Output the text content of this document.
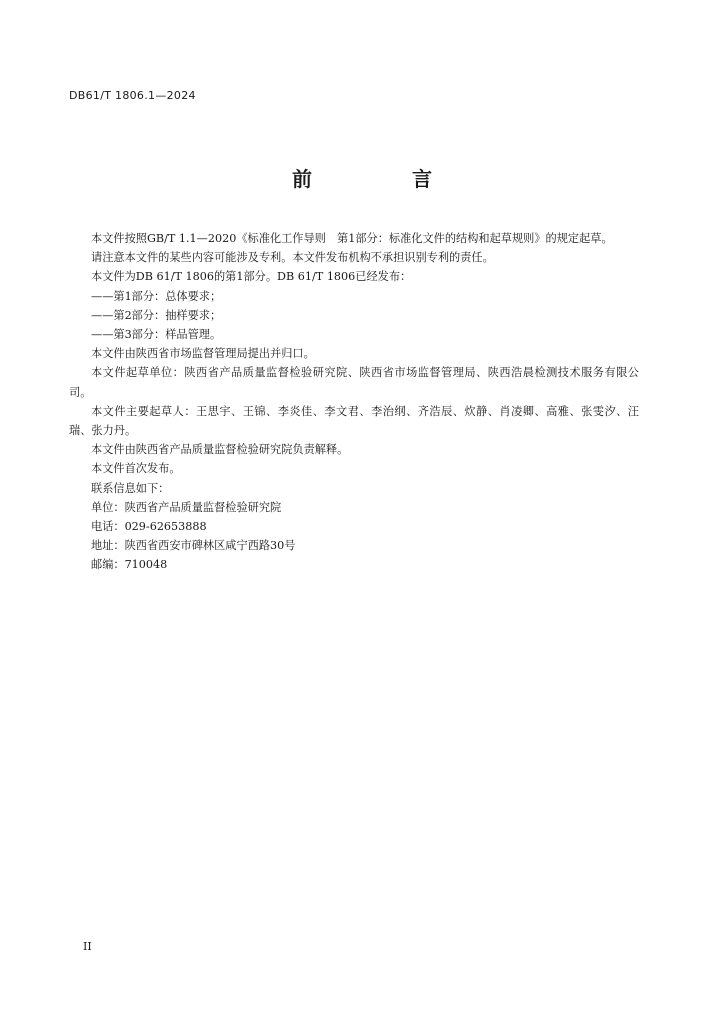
DB61/T 1806.1—2024
前　言

本文件按照GB/T 1.1—2020《标准化工作导则　第1部分：标准化文件的结构和起草规则》的规定起草。

请注意本文件的某些内容可能涉及专利。本文件发布机构不承担识别专利的责任。

本文件为DB 61/T 1806的第1部分。DB 61/T 1806已经发布：

——第1部分：总体要求；

——第2部分：抽样要求；

——第3部分：样品管理。

本文件由陕西省市场监督管理局提出并归口。

本文件起草单位：陕西省产品质量监督检验研究院、陕西省市场监督管理局、陕西浩晨检测技术服务有限公司。

本文件主要起草人：王思宇、王锦、李炎佳、李文君、李治纲、齐浩辰、炊静、肖凌卿、高雅、张雯汐、汪瑞、张力丹。

本文件由陕西省产品质量监督检验研究院负责解释。

本文件首次发布。

联系信息如下：

单位：陕西省产品质量监督检验研究院

电话：029-62653888

地址：陕西省西安市碑林区咸宁西路30号

邮编：710048

II
